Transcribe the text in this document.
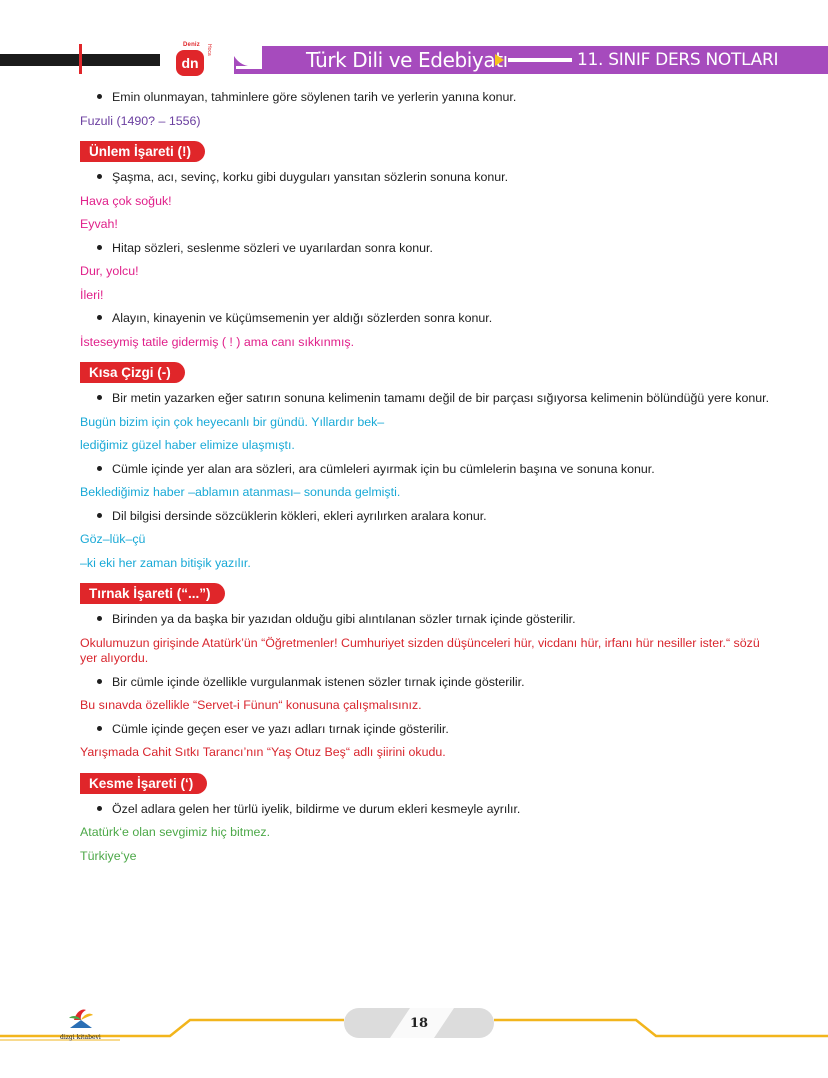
Deniz
dn
Hoca	Türk Dili ve Edebiyatı	11. SINIF DERS NOTLARI
Emin olunmayan, tahminlere göre söylenen tarih ve yerlerin yanına konur.
Fuzuli (1490? – 1556)
Ünlem İşareti (!)
Şaşma, acı, sevinç, korku gibi duyguları yansıtan sözlerin sonuna konur.
Hava çok soğuk!
Eyvah!
Hitap sözleri, seslenme sözleri ve uyarılardan sonra konur.
Dur, yolcu!
İleri!
Alayın, kinayenin ve küçümsemenin yer aldığı sözlerden sonra konur.
İsteseymiş tatile gidermiş ( ! ) ama canı sıkkınmış.
Kısa Çizgi (-)
Bir metin yazarken eğer satırın sonuna kelimenin tamamı değil de bir parçası sığıyorsa kelimenin bölündüğü yere konur.
Bugün bizim için çok heyecanlı bir gündü. Yıllardır bek–
lediğimiz güzel haber elimize ulaşmıştı.
Cümle içinde yer alan ara sözleri, ara cümleleri ayırmak için bu cümlelerin başına ve sonuna konur.
Beklediğimiz haber –ablamın atanması– sonunda gelmişti.
Dil bilgisi dersinde sözcüklerin kökleri, ekleri ayrılırken aralara konur.
Göz–lük–çü
–ki eki her zaman bitişik yazılır.
Tırnak İşareti (“...”)
Birinden ya da başka bir yazıdan olduğu gibi alıntılanan sözler tırnak içinde gösterilir.
Okulumuzun girişinde Atatürk’ün “Öğretmenler! Cumhuriyet sizden düşünceleri hür, vicdanı hür, irfanı hür nesiller ister.“ sözü yer alıyordu.
Bir cümle içinde özellikle vurgulanmak istenen sözler tırnak içinde gösterilir.
Bu sınavda özellikle “Servet-i Fünun“ konusuna çalışmalısınız.
Cümle içinde geçen eser ve yazı adları tırnak içinde gösterilir.
Yarışmada Cahit Sıtkı Tarancı’nın “Yaş Otuz Beş“ adlı şiirini okudu.
Kesme İşareti (‘)
Özel adlara gelen her türlü iyelik, bildirme ve durum ekleri kesmeyle ayrılır.
Atatürk‘e olan sevgimiz hiç bitmez.
Türkiye‘ye
dizgi kitabevi
18
